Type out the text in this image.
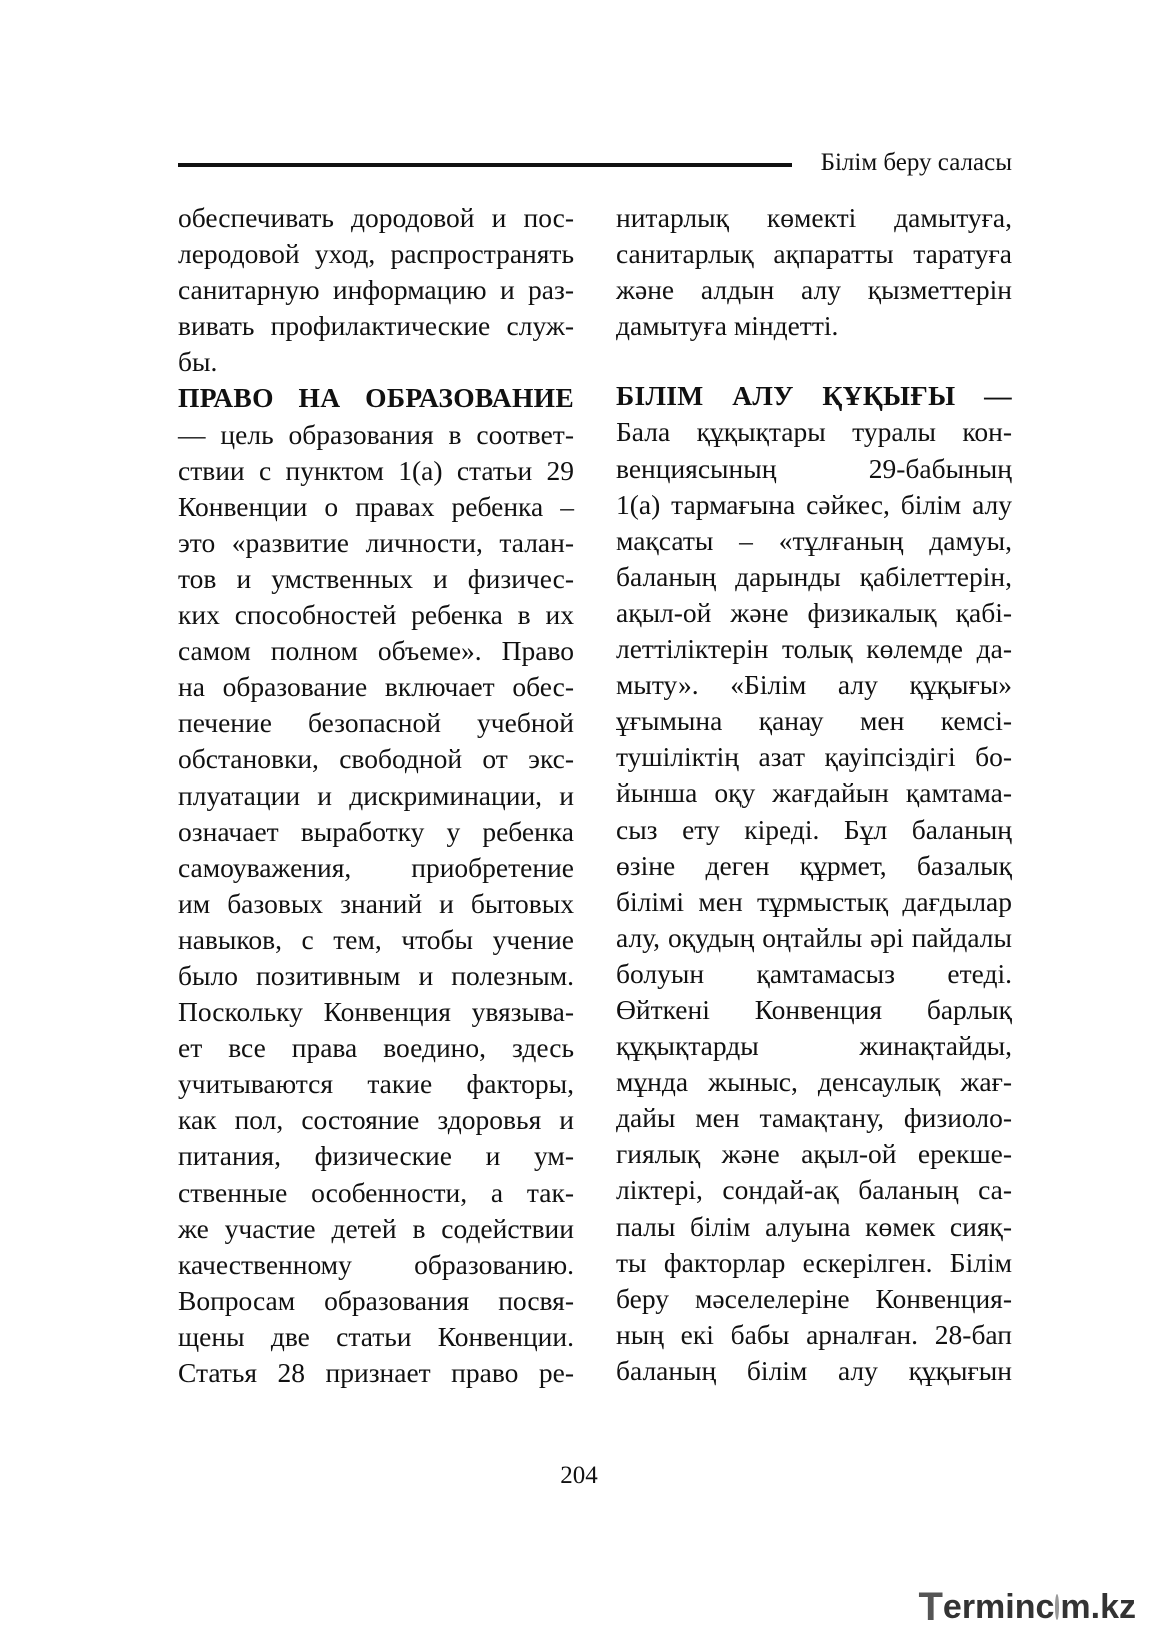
Білім беру саласы
обеспечивать дородовой и пос-
леродовой уход, распространять
санитарную информацию и раз-
вивать профилактические служ-
бы.
ПРАВО НА ОБРАЗОВАНИЕ
— цель образования в соответ-
ствии с пунктом 1(а) статьи 29
Конвенции о правах ребенка –
это «развитие личности, талан-
тов и умственных и физичес-
ких способностей ребенка в их
самом полном объеме». Право
на образование включает обес-
печение безопасной учебной
обстановки, свободной от экс-
плуатации и дискриминации, и
означает выработку у ребенка
самоуважения, приобретение
им базовых знаний и бытовых
навыков, с тем, чтобы учение
было позитивным и полезным.
Поскольку Конвенция увязыва-
ет все права воедино, здесь
учитываются такие факторы,
как пол, состояние здоровья и
питания, физические и ум-
ственные особенности, а так-
же участие детей в содействии
качественному образованию.
Вопросам образования посвя-
щены две статьи Конвенции.
Статья 28 признает право ре-
нитарлық көмекті дамытуға,
санитарлық ақпаратты таратуға
және алдын алу қызметтерін
дамытуға міндетті.
БІЛІМ АЛУ ҚҰҚЫҒЫ —
Бала құқықтары туралы кон-
венциясының 29-бабының
1(а) тармағына сәйкес, білім алу
мақсаты – «тұлғаның дамуы,
баланың дарынды қабілеттерін,
ақыл-ой және физикалық қабі-
леттіліктерін толық көлемде да-
мыту». «Білім алу құқығы»
ұғымына қанау мен кемсі-
тушіліктің азат қауіпсіздігі бо-
йынша оқу жағдайын қамтама-
сыз ету кіреді. Бұл баланың
өзіне деген құрмет, базалық
білімі мен тұрмыстық дағдылар
алу, оқудың оңтайлы әрі пайдалы
болуын қамтамасыз етеді.
Өйткені Конвенция барлық
құқықтарды жинақтайды,
мұнда жыныс, денсаулық жағ-
дайы мен тамақтану, физиоло-
гиялық және ақыл-ой ерекше-
ліктері, сондай-ақ баланың са-
палы білім алуына көмек сияқ-
ты факторлар ескерілген. Білім
беру мәселелеріне Конвенция-
ның екі бабы арналған. 28-бап
баланың білім алу құқығын
204
T erminc m.kz
